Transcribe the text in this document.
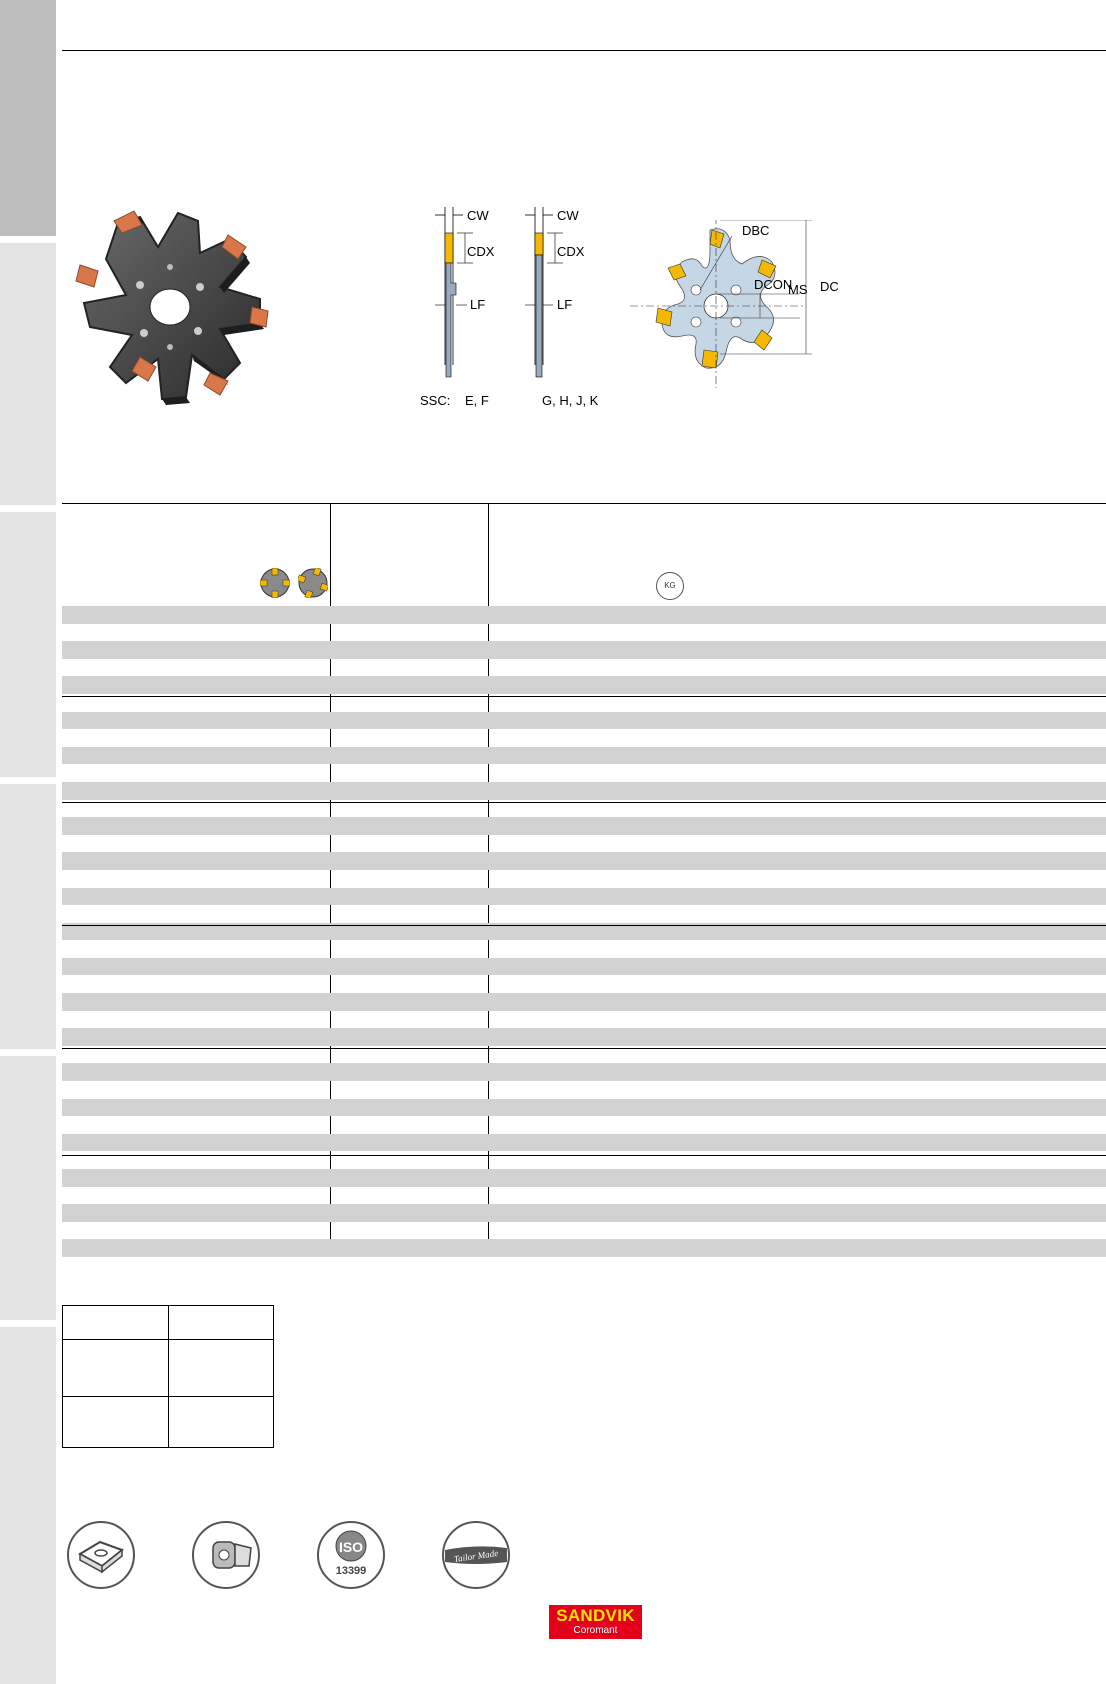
CW
CDX
LF
CW
CDX
LF
DBC
DCON
MS DC
SSC: E, F	G, H, J, K
KG
ISO
13399
Tailor Made
SANDVIK
Coromant
